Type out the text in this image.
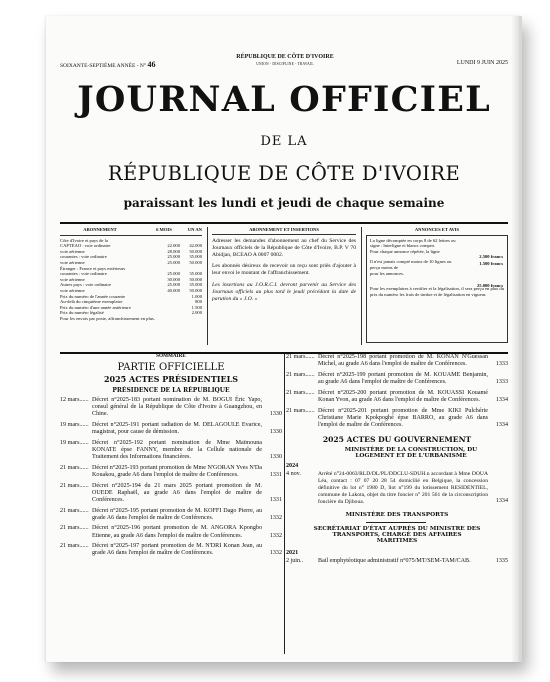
SOIXANTE-SEPTIÈME ANNÉE - N° 46
RÉPUBLIQUE DE CÔTE D'IVOIRE
UNION - DISCIPLINE - TRAVAIL	LUNDI 9 JUIN 2025
JOURNAL OFFICIEL
DE LA
RÉPUBLIQUE DE CÔTE D'IVOIRE
paraissant les lundi et jeudi de chaque semaine
ABONNEMENT	6 MOIS	UN AN
Côte d'Ivoire et pays de la
CAPTEAO : voie ordinaire	22.000	42.000
voie aérienne	28.000	50.000
courantes : voie ordinaire	25.000	35.000
voie aérienne	25.000	50.000
Étranger : France et pays extérieurs
courantes : voie ordinaire	25.000	35.000
voie aérienne	30.000	50.000
Autres pays : voie ordinaire	25.000	35.000
voie aérienne	40.000	50.000
Prix du numéro de l'année courante	1.000
Au-delà du cinquième exemplaire	800
Prix du numéro d'une année antérieure	1.500
Prix du numéro légalisé	2.000
Pour les envois par poste, affranchissement en plus.
ABONNEMENT ET INSERTIONS
Adresser les demandes d'abonnement au chef du Service des Journaux officiels de la République de Côte d'Ivoire, B.P. V 70 Abidjan, BCEAO A 0007 0002.
Les abonnés désireux de recevoir un reçu sont priés d'ajouter à leur envoi le montant de l'affranchissement.
Les insertions au J.O.R.C.I. devront parvenir au Service des Journaux officiels au plus tard le jeudi précédant la date de parution du « J.O. »
ANNONCES ET AVIS
La ligne décomptée en corps 8 de 62 lettres ou signe : Interligne et blancs compris
2.500 francs
Pour chaque annonce répétée, la ligne
1.500 francs
Il n'est jamais compté moins de 10 lignes ou perçu moins de
25.000 francs
pour les annonces.
Pour les exemplaires à certifier et la légalisation, il sera perçu en plus du prix du numéro les frais de timbre et de légalisation en vigueur.
SOMMAIRE
PARTIE OFFICIELLE
2025 ACTES PRÉSIDENTIELS
PRÉSIDENCE DE LA RÉPUBLIQUE
12 mars...... Décret n°2025-183 portant nomination de M. BOGUI Éric Yapo, consul général de la République de Côte d'Ivoire à Guangzhou, en Chine.	1330
19 mars...... Décret n°2025-191 portant radiation de M. DELAGOULE Evarice, magistrat, pour cause de démission.	1330
19 mars...... Décret n°2025-192 portant nomination de Mme Maïmouna KONATE épse FANNY, membre de la Cellule nationale de Traitement des Informations financières.	1330
21 mars...... Décret n°2025-193 portant promotion de Mme N'GORAN Yves N'Da Kouakou, grade A6 dans l'emploi de maître de Conférences.	1331
21 mars...... Décret n°2025-194 du 21 mars 2025 portant promotion de M. OUEDE Raphaël, au grade A6 dans l'emploi de maître de Conférences.	1331
21 mars...... Décret n°2025-195 portant promotion de M. KOFFI Dago Pierre, au grade A6 dans l'emploi de maître de Conférences.	1332
21 mars...... Décret n°2025-196 portant promotion de M. ANGORA Kpongbo Etienne, au grade A6 dans l'emploi de maître de Conférences.	1332
21 mars...... Décret n°2025-197 portant promotion de M. N'DRI Konan Jean, au grade A6 dans l'emploi de maître de Conférences.	1332
21 mars...... Décret n°2025-198 portant promotion de M. KONAN N'Guessan Michel, au grade A6 dans l'emploi de maître de Conférences.	1333
21 mars...... Décret n°2025-199 portant promotion de M. KOUAME Benjamin, au grade A6 dans l'emploi de maître de Conférences.	1333
21 mars...... Décret n°2025-200 portant promotion de M. KOUASSI Kouamé Konan Yvon, au grade A6 dans l'emploi de maître de Conférences.	1334
21 mars...... Décret n°2025-201 portant promotion de Mme KIKI Pulchérie Christiane Marie Kpokpoghé épse BARRO, au grade A6 dans l'emploi de maître de Conférences.	1334
2025 ACTES DU GOUVERNEMENT
MINISTÈRE DE LA CONSTRUCTION, DU LOGEMENT ET DE L'URBANISME
2024
4 nov.	Arrêté n°24-0063/RLD/DL/PL/DDCLU-SDUH.n accordant à Mme DOUA Léa, contact : 07 07 20 28 54 domicilié en Belgique, la concession définitive du lot n° 1980 D, îlot n°199 du lotissement RESIDENTIEL, commune de Lakota, objet du titre foncier n° 201 561 de la circonscription foncière du Djiboua.	1334
MINISTÈRE DES TRANSPORTS
SECRÉTARIAT D'ÉTAT AUPRÈS DU MINISTRE DES TRANSPORTS, CHARGÉ DES AFFAIRES MARITIMES
2021
2 juin..	Bail emphytéotique administratif n°075/MT/SEM-TAM/CAB.	1335
